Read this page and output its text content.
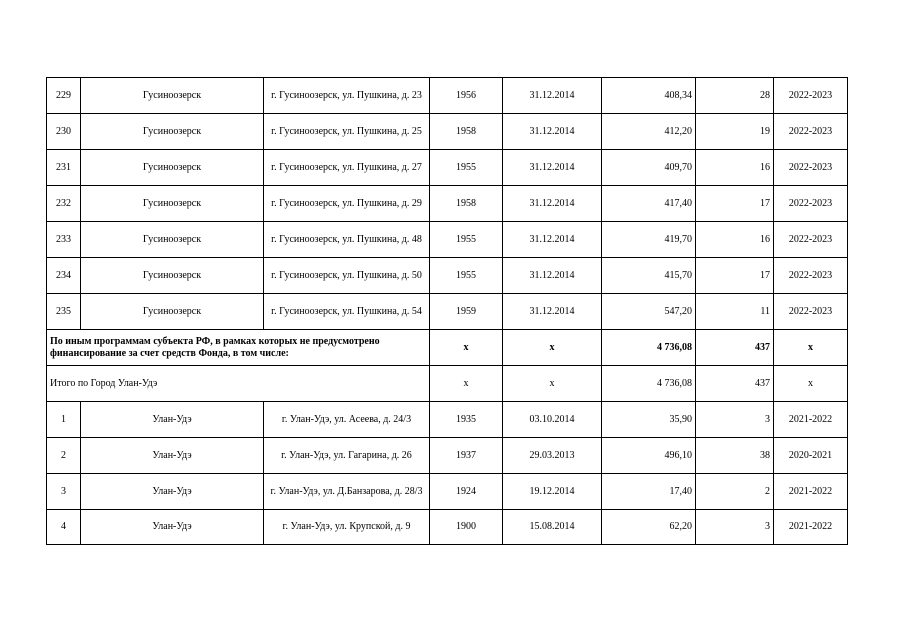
229	Гусиноозерск	г. Гусиноозерск, ул. Пушкина, д. 23	1956	31.12.2014	408,34	28	2022-2023
230	Гусиноозерск	г. Гусиноозерск, ул. Пушкина, д. 25	1958	31.12.2014	412,20	19	2022-2023
231	Гусиноозерск	г. Гусиноозерск, ул. Пушкина, д. 27	1955	31.12.2014	409,70	16	2022-2023
232	Гусиноозерск	г. Гусиноозерск, ул. Пушкина, д. 29	1958	31.12.2014	417,40	17	2022-2023
233	Гусиноозерск	г. Гусиноозерск, ул. Пушкина, д. 48	1955	31.12.2014	419,70	16	2022-2023
234	Гусиноозерск	г. Гусиноозерск, ул. Пушкина, д. 50	1955	31.12.2014	415,70	17	2022-2023
235	Гусиноозерск	г. Гусиноозерск, ул. Пушкина, д. 54	1959	31.12.2014	547,20	11	2022-2023
По иным программам субъекта РФ, в рамках которых не предусмотрено финансирование за счет средств Фонда, в том числе:			x	x	4 736,08	437	x
Итого по Город Улан-Удэ			x	x	4 736,08	437	x
1	Улан-Удэ	г. Улан-Удэ, ул. Асеева, д. 24/3	1935	03.10.2014	35,90	3	2021-2022
2	Улан-Удэ	г. Улан-Удэ, ул. Гагарина, д. 26	1937	29.03.2013	496,10	38	2020-2021
3	Улан-Удэ	г. Улан-Удэ, ул. Д.Банзарова, д. 28/3	1924	19.12.2014	17,40	2	2021-2022
4	Улан-Удэ	г. Улан-Удэ, ул. Крупской, д. 9	1900	15.08.2014	62,20	3	2021-2022
